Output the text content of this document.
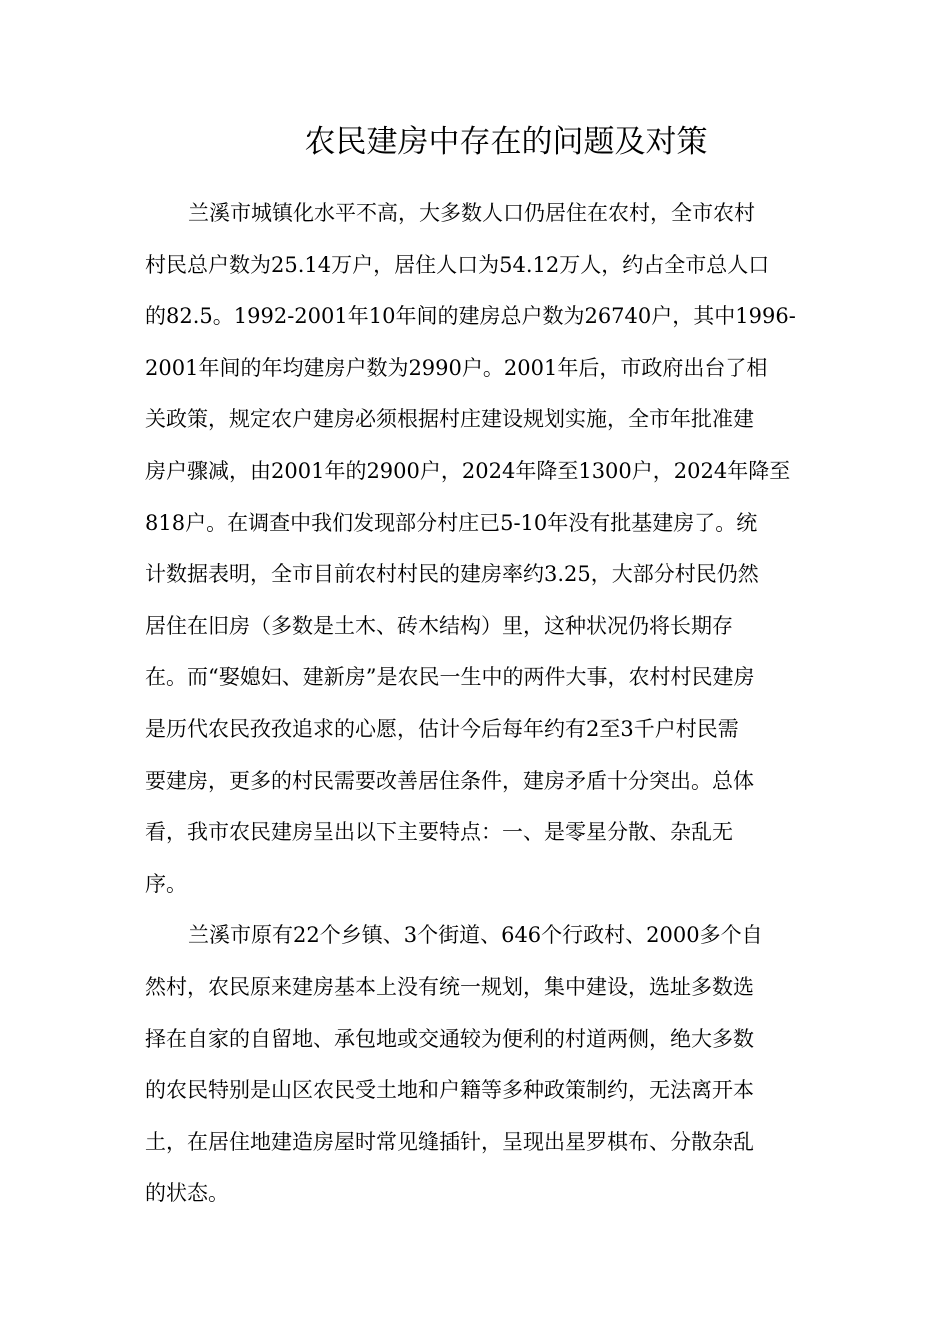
农民建房中存在的问题及对策
兰溪市城镇化水平不高，大多数人口仍居住在农村，全市农村
村民总户数为25.14万户，居住人口为54.12万人，约占全市总人口
的82.5。1992-2001年10年间的建房总户数为26740户，其中1996-
2001年间的年均建房户数为2990户。2001年后，市政府出台了相
关政策，规定农户建房必须根据村庄建设规划实施，全市年批准建
房户骤减，由2001年的2900户，2024年降至1300户，2024年降至
818户。在调查中我们发现部分村庄已5-10年没有批基建房了。统
计数据表明，全市目前农村村民的建房率约3.25，大部分村民仍然
居住在旧房（多数是土木、砖木结构）里，这种状况仍将长期存
在。而“娶媳妇、建新房”是农民一生中的两件大事，农村村民建房
是历代农民孜孜追求的心愿，估计今后每年约有2至3千户村民需
要建房，更多的村民需要改善居住条件，建房矛盾十分突出。总体
看，我市农民建房呈出以下主要特点：一、是零星分散、杂乱无
序。
兰溪市原有22个乡镇、3个街道、646个行政村、2000多个自
然村，农民原来建房基本上没有统一规划，集中建设，选址多数选
择在自家的自留地、承包地或交通较为便利的村道两侧，绝大多数
的农民特别是山区农民受土地和户籍等多种政策制约，无法离开本
土，在居住地建造房屋时常见缝插针，呈现出星罗棋布、分散杂乱
的状态。
